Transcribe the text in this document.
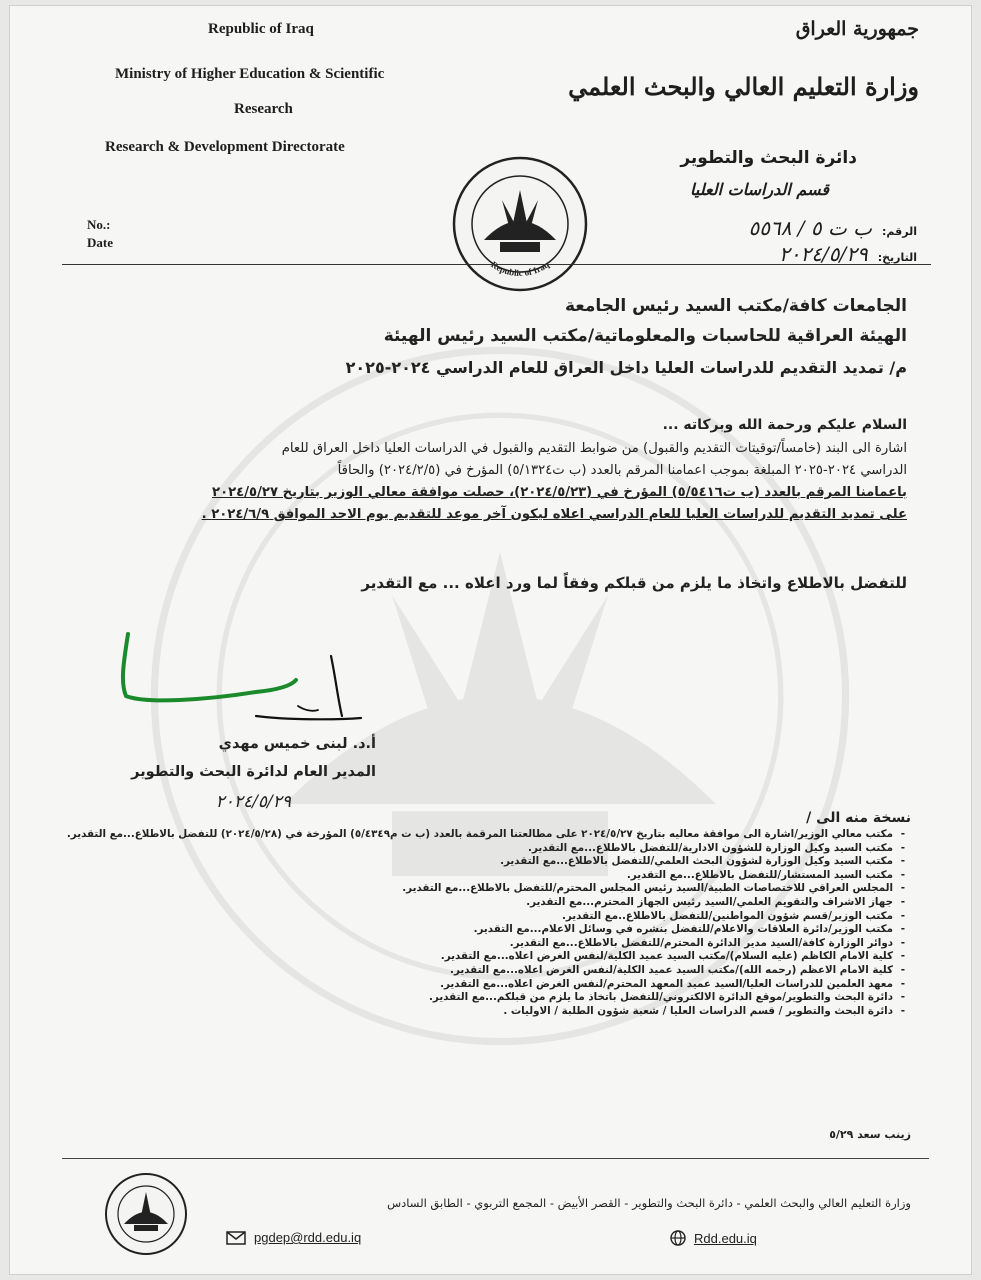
Republic of Iraq
Ministry of Higher Education & Scientific
Research
Research & Development Directorate
No.:
Date
جمهورية العراق
وزارة التعليم العالي والبحث العلمي
دائرة البحث والتطوير
قسم الدراسات العليا
الرقم:
ب ت ٥ / ٥٥٦٨
التاريخ:
٢٠٢٤/٥/٢٩
Republic of Iraq
الجامعات كافة/مكتب السيد رئيس الجامعة
الهيئة العراقية للحاسبات والمعلوماتية/مكتب السيد رئيس الهيئة
م/ تمديد التقديم للدراسات العليا داخل العراق للعام الدراسي ٢٠٢٤-٢٠٢٥
السلام عليكم ورحمة الله وبركاته ...
اشارة الى البند (خامساً/توقيتات التقديم والقبول) من ضوابط التقديم والقبول في الدراسات العليا داخل العراق للعام
الدراسي ٢٠٢٤-٢٠٢٥ المبلغة بموجب اعمامنا المرقم بالعدد (ب ت٥/١٣٢٤) المؤرخ في (٢٠٢٤/٢/٥) والحاقاً
باعمامنا المرقم بالعدد (ب ت٥/٥٤١٦) المؤرخ في (٢٠٢٤/٥/٢٣)، حصلت موافقة معالي الوزير بتاريخ ٢٠٢٤/٥/٢٧
على تمديد التقديم للدراسات العليا للعام الدراسي اعلاه ليكون آخر موعد للتقديم يوم الاحد الموافق ٢٠٢٤/٦/٩ .
للتفضل بالاطلاع واتخاذ ما يلزم من قبلكم وفقاً لما ورد اعلاه ... مع التقدير
أ.د. لبنى خميس مهدي
المدير العام لدائرة البحث والتطوير
٢٠٢٤/٥/٢٩
نسخة منه الى /
- مكتب معالي الوزير/اشارة الى موافقة معاليه بتاريخ ٢٠٢٤/٥/٢٧ على مطالعتنا المرقمة بالعدد (ب ت م٥/٤٣٤٩) المؤرخة في (٢٠٢٤/٥/٢٨) للتفضل بالاطلاع...مع التقدير.
- مكتب السيد وكيل الوزارة للشؤون الادارية/للتفضل بالاطلاع...مع التقدير.
- مكتب السيد وكيل الوزارة لشؤون البحث العلمي/للتفضل بالاطلاع...مع التقدير.
- مكتب السيد المستشار/للتفضل بالاطلاع...مع التقدير.
- المجلس العراقي للاختصاصات الطبية/السيد رئيس المجلس المحترم/للتفضل بالاطلاع...مع التقدير.
- جهاز الاشراف والتقويم العلمي/السيد رئيس الجهاز المحترم...مع التقدير.
- مكتب الوزير/قسم شؤون المواطنين/للتفضل بالاطلاع..مع التقدير.
- مكتب الوزير/دائرة العلاقات والاعلام/للتفضل بنشره في وسائل الاعلام...مع التقدير.
- دوائر الوزارة كافة/السيد مدير الدائرة المحترم/للتفضل بالاطلاع...مع التقدير.
- كلية الامام الكاظم (عليه السلام)/مكتب السيد عميد الكلية/لنفس الغرض اعلاه...مع التقدير.
- كلية الامام الاعظم (رحمه الله)/مكتب السيد عميد الكلية/لنفس الغرض اعلاه...مع التقدير.
- معهد العلمين للدراسات العليا/السيد عميد المعهد المحترم/لنفس الغرض اعلاه...مع التقدير.
- دائرة البحث والتطوير/موقع الدائرة الالكتروني/للتفضل باتخاذ ما يلزم من قبلكم...مع التقدير.
- دائرة البحث والتطوير / قسم الدراسات العليا / شعبة شؤون الطلبة / الاوليات .
زينب سعد ٥/٢٩
وزارة التعليم العالي والبحث العلمي - دائرة البحث والتطوير - القصر الأبيض - المجمع التربوي - الطابق السادس
pgdep@rdd.edu.iq	Rdd.edu.iq
